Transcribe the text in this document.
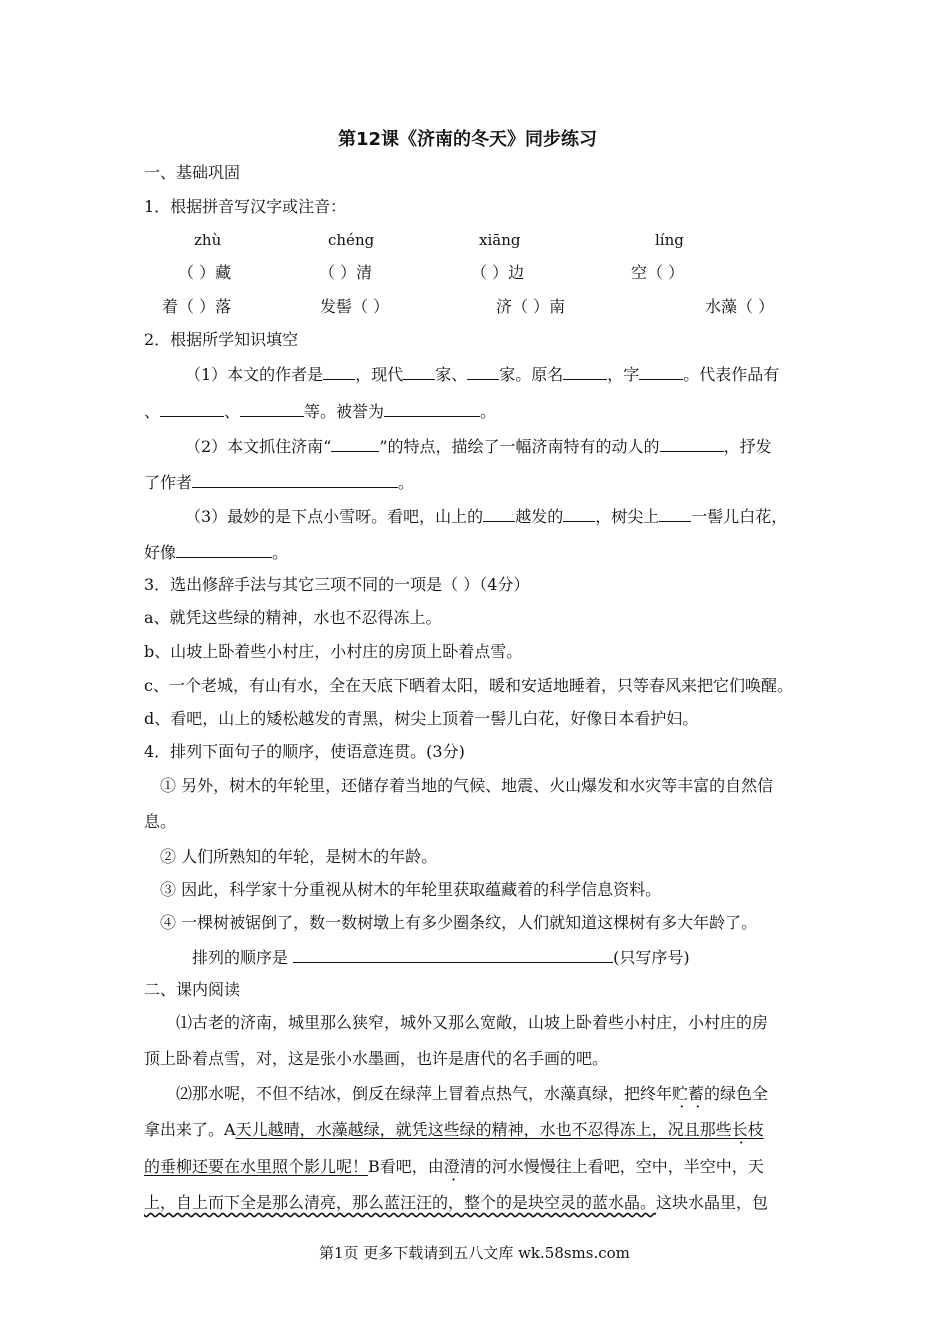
第12课《济南的冬天》同步练习
一、基础巩固
1．根据拼音写汉字或注音：
zhù	chéng	xiāng	líng
（ ）藏	（ ）清	（ ）边	空（ ）
着（ ）落	发髻（ ）	济（ ）南	水藻（ ）
2．根据所学知识填空
（1）本文的作者是 ，现代 家、 家。原名	，字	。代表作品有
、	、	等。被誉为	。
（2）本文抓住济南“	”的特点，描绘了一幅济南特有的动人的	，抒发
了作者	。
（3）最妙的是下点小雪呀。看吧，山上的 越发的 ，树尖上 一髻儿白花，
好像	。
3．选出修辞手法与其它三项不同的一项是（ ）（4分）
a、就凭这些绿的精神，水也不忍得冻上。
b、山坡上卧着些小村庄，小村庄的房顶上卧着点雪。
c、一个老城，有山有水，全在天底下晒着太阳，暖和安适地睡着，只等春风来把它们唤醒。
d、看吧，山上的矮松越发的青黑，树尖上顶着一髻儿白花，好像日本看护妇。
4．排列下面句子的顺序，使语意连贯。(3分)
① 另外，树木的年轮里，还储存着当地的气候、地震、火山爆发和水灾等丰富的自然信
息。
② 人们所熟知的年轮，是树木的年龄。
③ 因此，科学家十分重视从树木的年轮里获取蕴藏着的科学信息资料。
④ 一棵树被锯倒了，数一数树墩上有多少圈条纹，人们就知道这棵树有多大年龄了。
排列的顺序是	(只写序号)
二、课内阅读
⑴古老的济南，城里那么狭窄，城外又那么宽敞，山坡上卧着些小村庄，小村庄的房
顶上卧着点雪，对，这是张小水墨画，也许是唐代的名手画的吧。
⑵那水呢，不但不结冰，倒反在绿萍上冒着点热气，水藻真绿，把终年贮蓄的绿色全
拿出来了。A天儿越晴，水藻越绿，就凭这些绿的精神，水也不忍得冻上，况且那些长枝
的垂柳还要在水里照个影儿呢！B看吧，由澄清的河水慢慢往上看吧，空中，半空中，天
上，自上而下全是那么清亮，那么蓝汪汪的，整个的是块空灵的蓝水晶。这块水晶里，包
第1页 更多下载请到五八文库 wk.58sms.com
